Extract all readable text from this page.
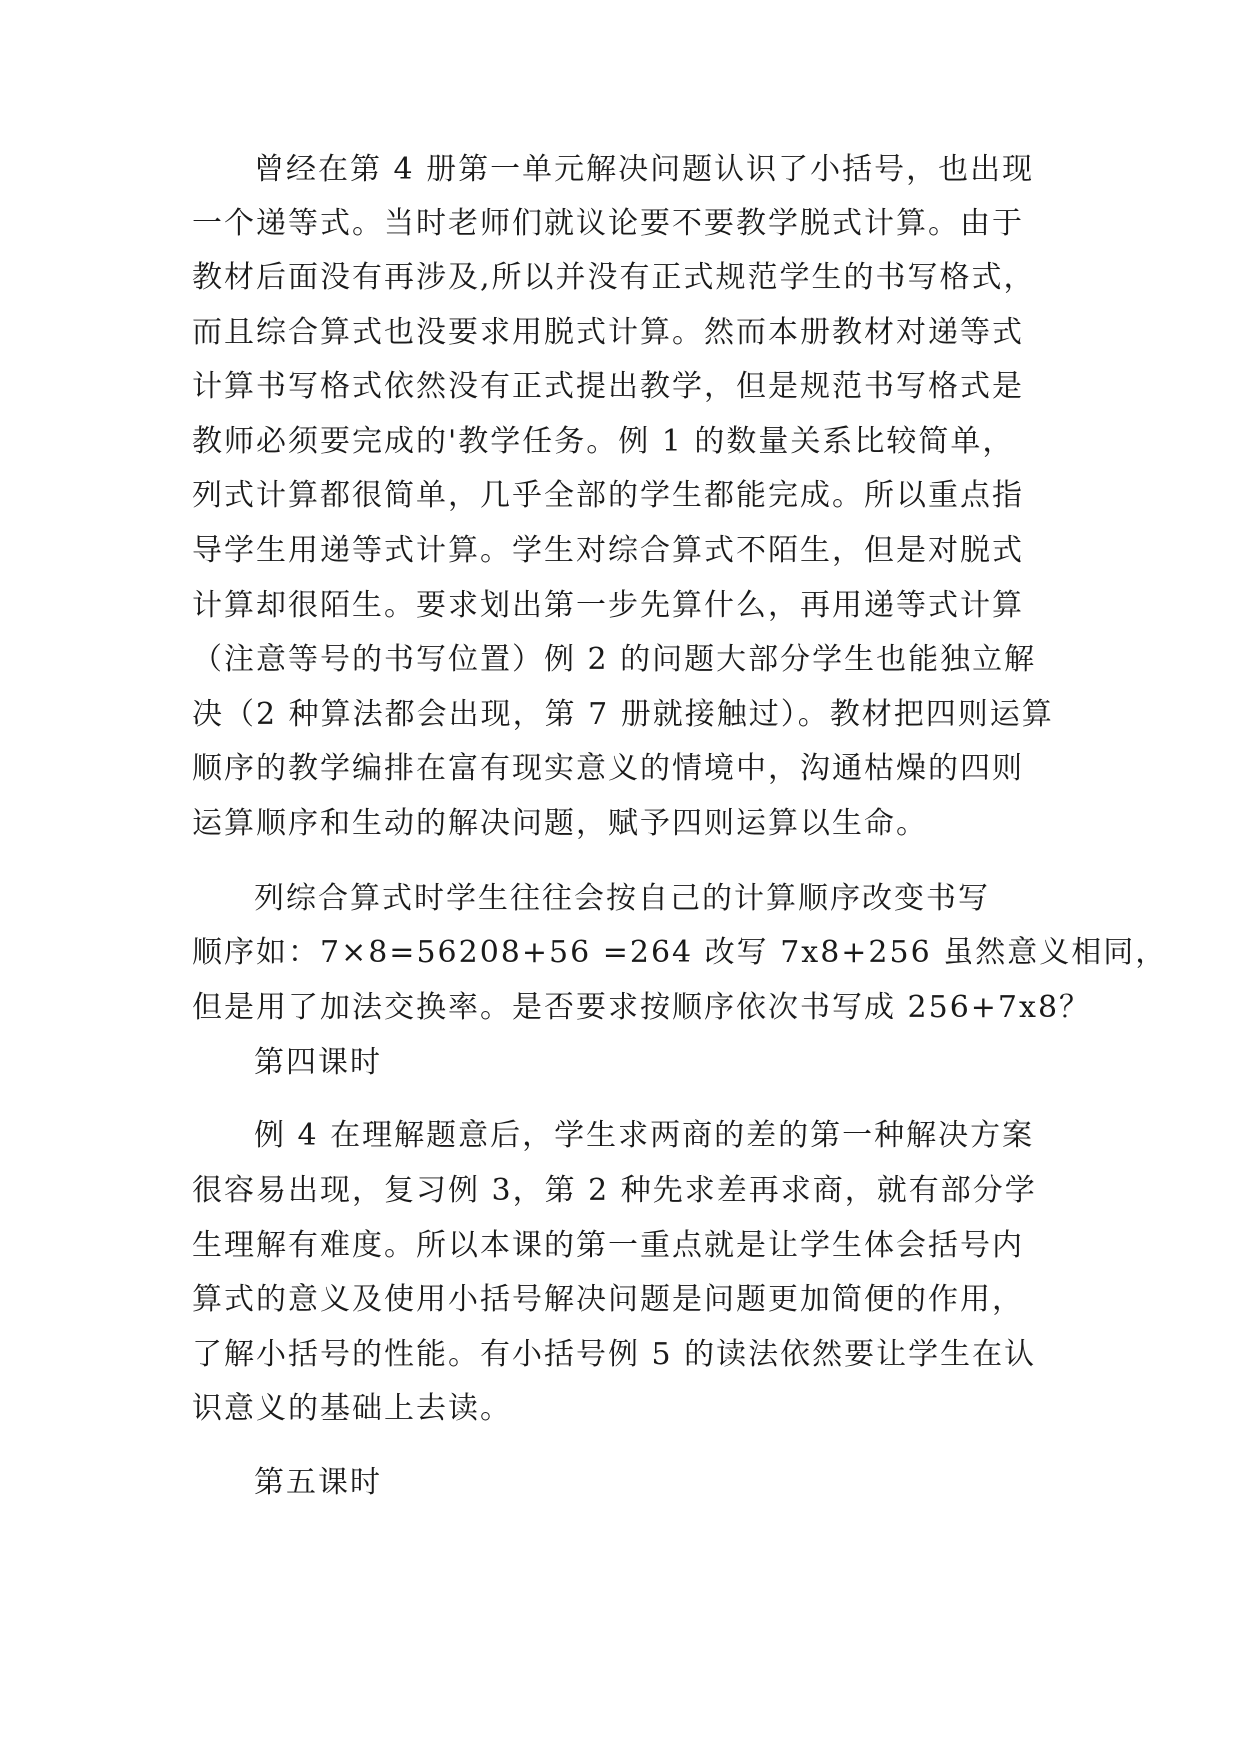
曾经在第 4 册第一单元解决问题认识了小括号，也出现
一个递等式。当时老师们就议论要不要教学脱式计算。由于
教材后面没有再涉及,所以并没有正式规范学生的书写格式，
而且综合算式也没要求用脱式计算。然而本册教材对递等式
计算书写格式依然没有正式提出教学，但是规范书写格式是
教师必须要完成的'教学任务。例 1 的数量关系比较简单，
列式计算都很简单，几乎全部的学生都能完成。所以重点指
导学生用递等式计算。学生对综合算式不陌生，但是对脱式
计算却很陌生。要求划出第一步先算什么，再用递等式计算
（注意等号的书写位置）例 2 的问题大部分学生也能独立解
决（2 种算法都会出现，第 7 册就接触过）。教材把四则运算
顺序的教学编排在富有现实意义的情境中，沟通枯燥的四则
运算顺序和生动的解决问题，赋予四则运算以生命。
列综合算式时学生往往会按自己的计算顺序改变书写
顺序如：7×8=56208+56 =264 改写 7x8+256 虽然意义相同，
但是用了加法交换率。是否要求按顺序依次书写成 256+7x8？
第四课时
例 4 在理解题意后，学生求两商的差的第一种解决方案
很容易出现，复习例 3，第 2 种先求差再求商，就有部分学
生理解有难度。所以本课的第一重点就是让学生体会括号内
算式的意义及使用小括号解决问题是问题更加简便的作用，
了解小括号的性能。有小括号例 5 的读法依然要让学生在认
识意义的基础上去读。
第五课时
